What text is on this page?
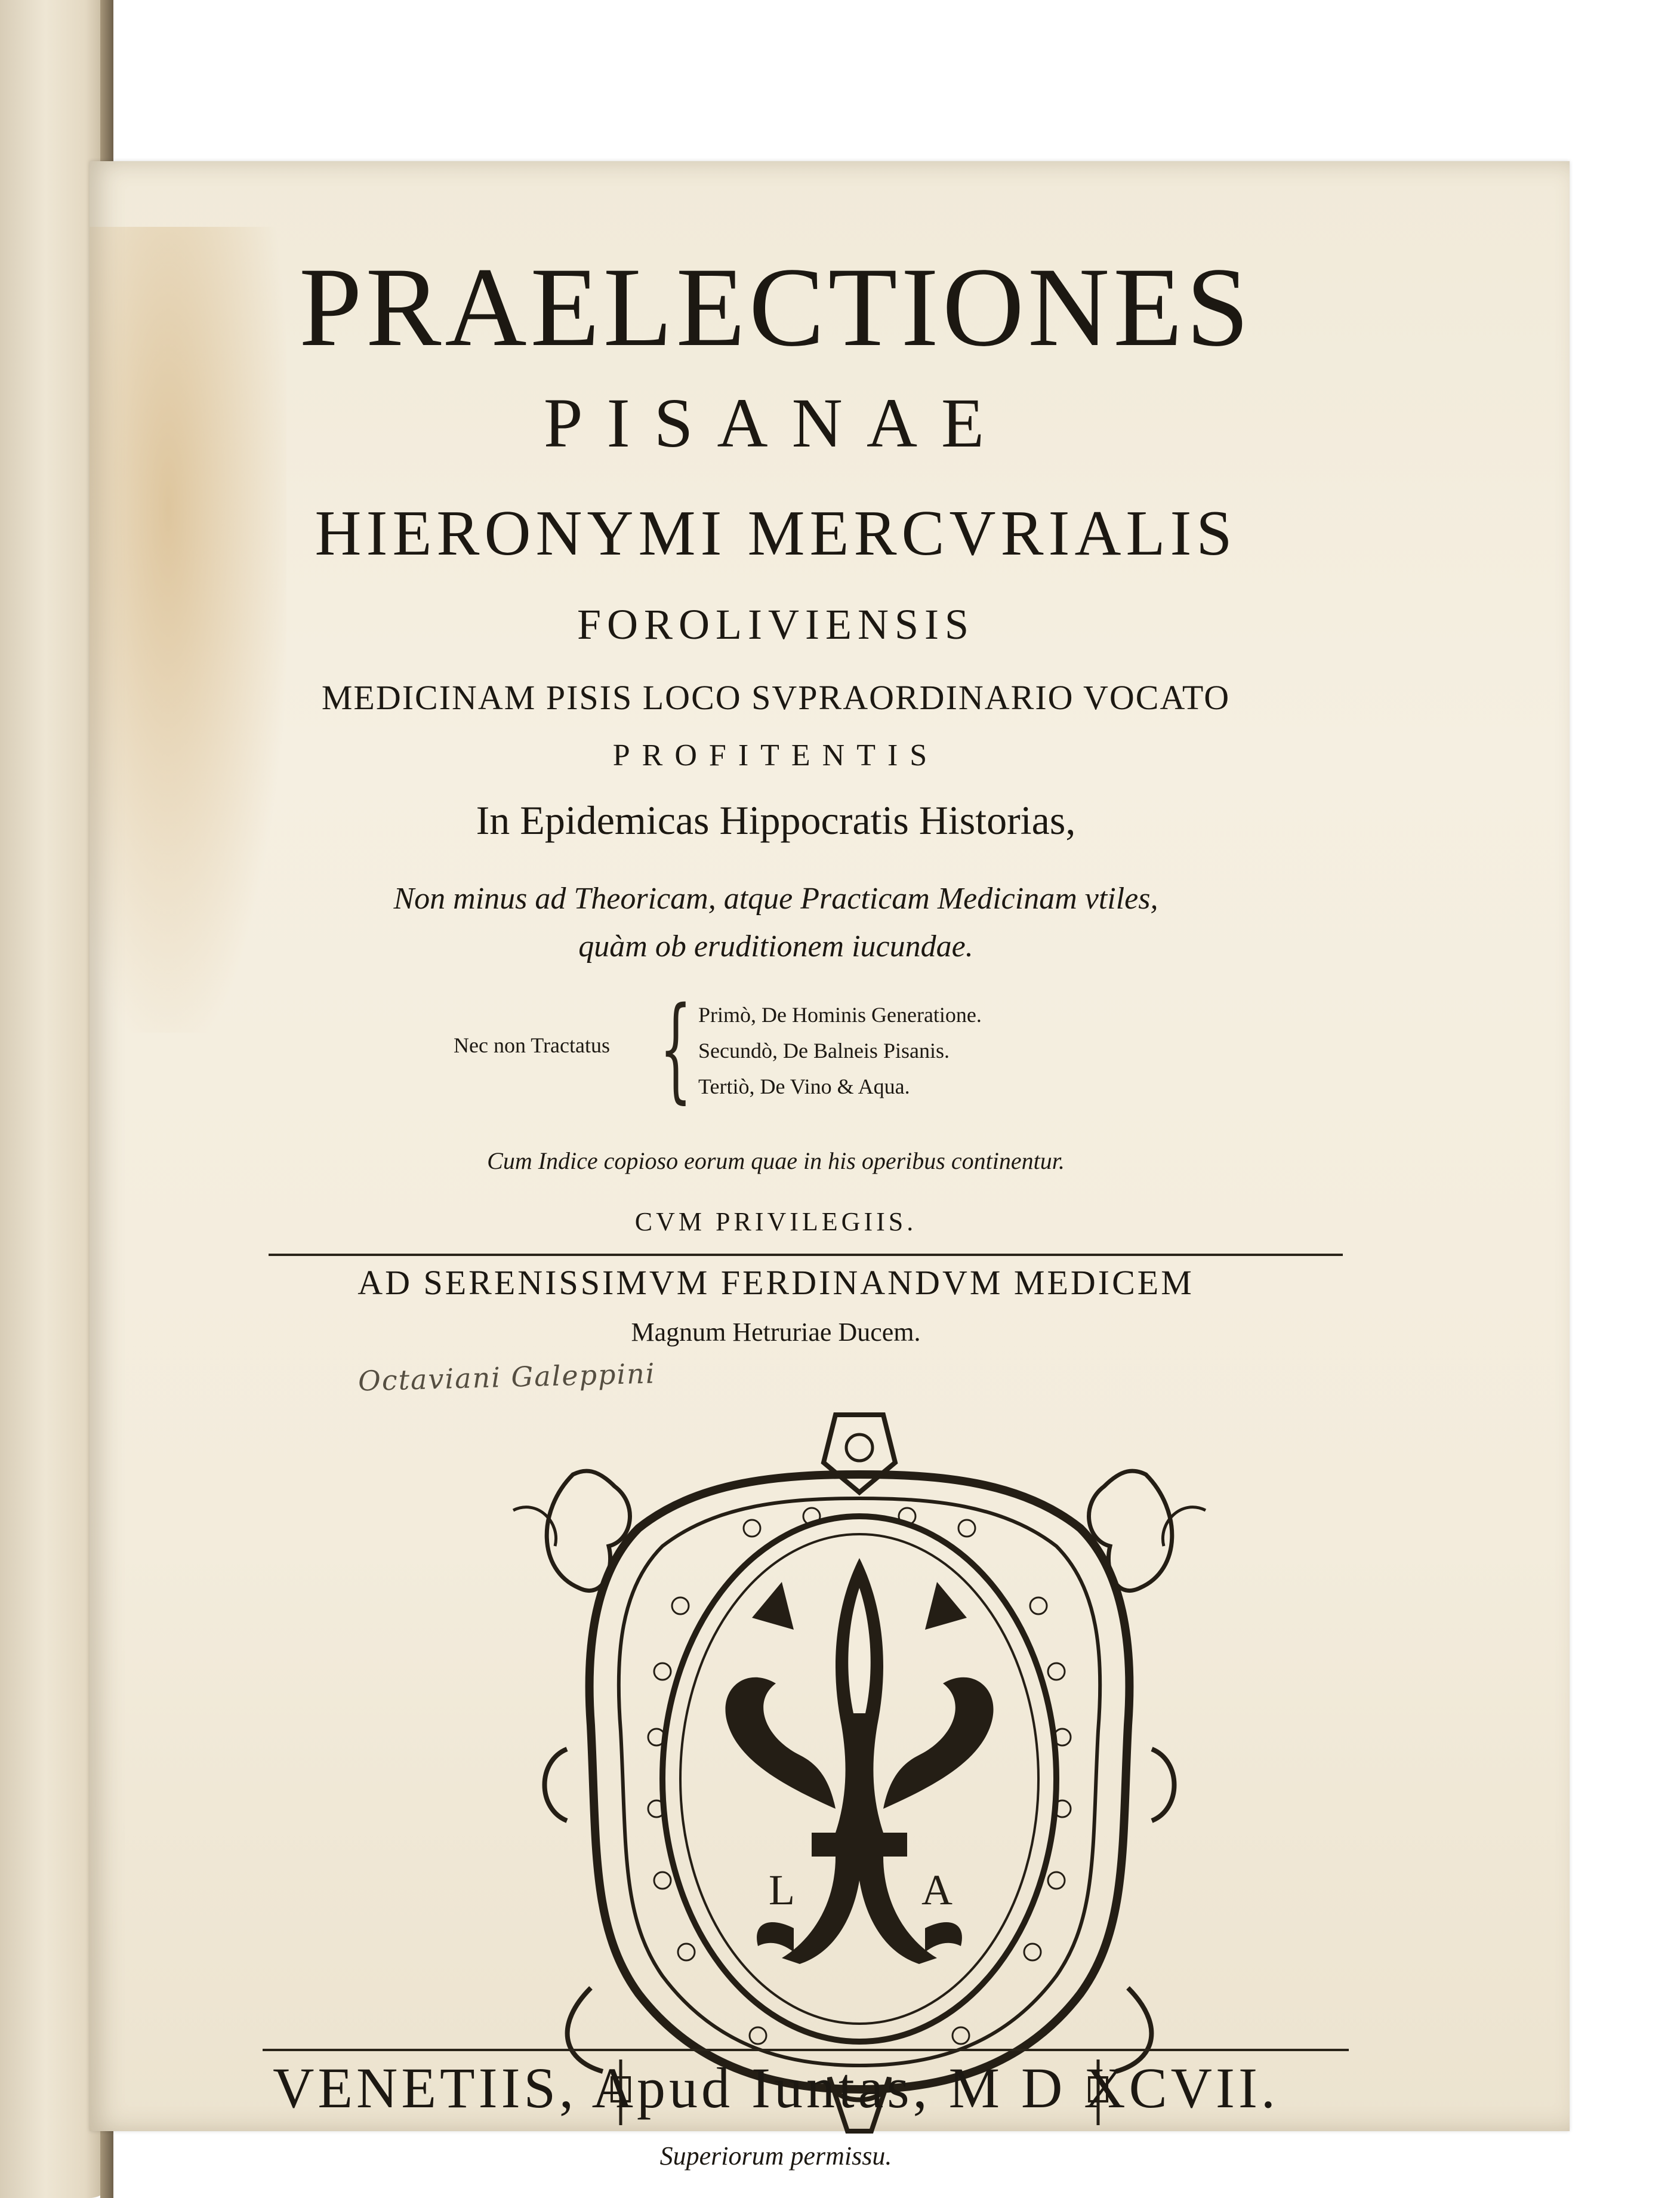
PRAELECTIONES
PISANAE
HIERONYMI MERCVRIALIS
FOROLIVIENSIS
MEDICINAM PISIS LOCO SVPRAORDINARIO VOCATO
PROFITENTIS
In Epidemicas Hippocratis Historias,
Non minus ad Theoricam, atque Practicam Medicinam vtiles,
quàm ob eruditionem iucundae.
Nec non Tractatus { Primò, De Hominis Generatione.
Secundò, De Balneis Pisanis.
Tertiò, De Vino & Aqua.
Cum Indice copioso eorum quae in his operibus continentur.
CVM PRIVILEGIIS.
AD SERENISSIMVM FERDINANDVM MEDICEM
Magnum Hetruriae Ducem.
Octaviani Galeppini
L	A
VENETIIS, Apud Iuntas, M D XCVII.
Superiorum permissu.
